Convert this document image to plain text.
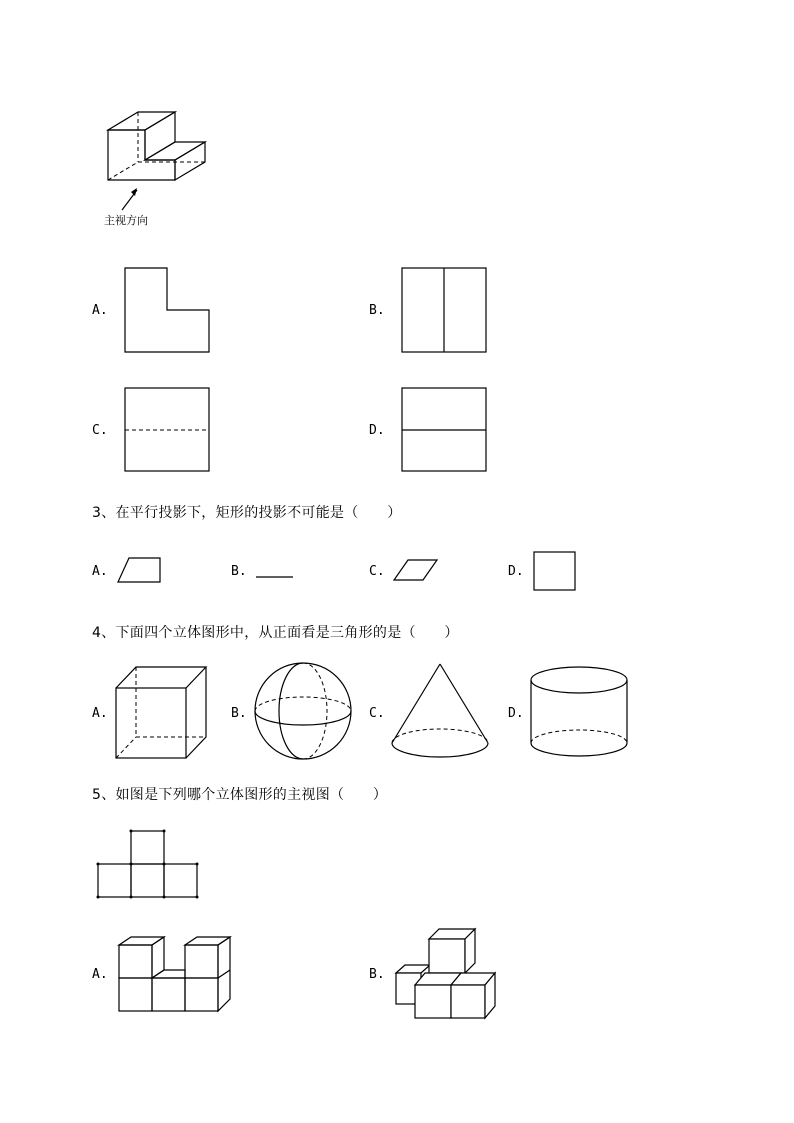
主视方向
A.	B.
C.	D.
3、在平行投影下，矩形的投影不可能是（　　）
A.	B.	C.	D.
4、下面四个立体图形中，从正面看是三角形的是（　　）
A.	B.	C.	D.
5、如图是下列哪个立体图形的主视图（　　）
A.	B.
